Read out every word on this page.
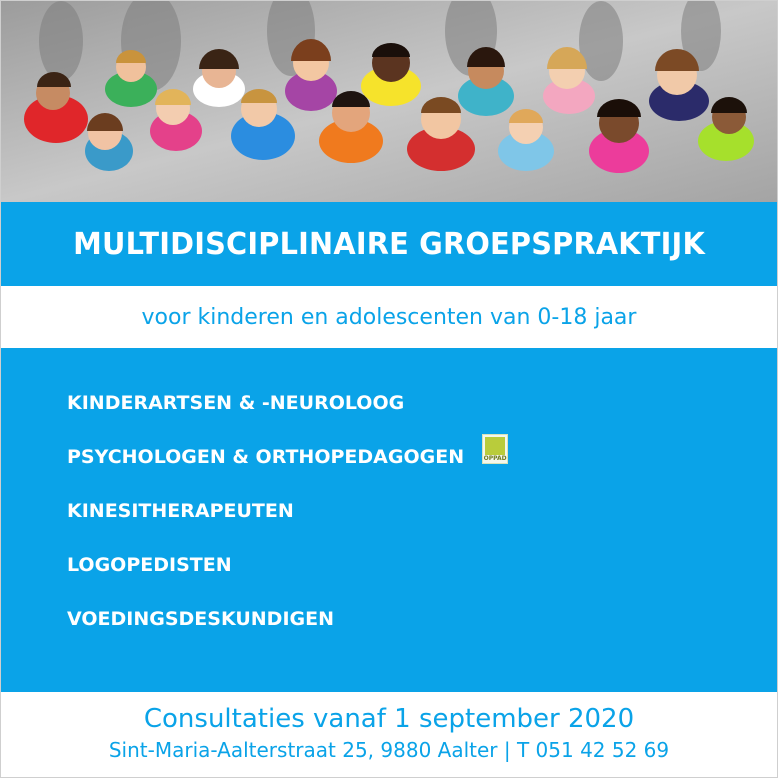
MULTIDISCIPLINAIRE GROEPSPRAKTIJK

voor kinderen en adolescenten van 0-18 jaar

KINDERARTSEN & -NEUROLOOG
PSYCHOLOGEN & ORTHOPEDAGOGEN	OPPAD
KINESITHERAPEUTEN
LOGOPEDISTEN
VOEDINGSDESKUNDIGEN
Consultaties vanaf 1 september 2020
Sint-Maria-Aalterstraat 25, 9880 Aalter | T 051 42 52 69
